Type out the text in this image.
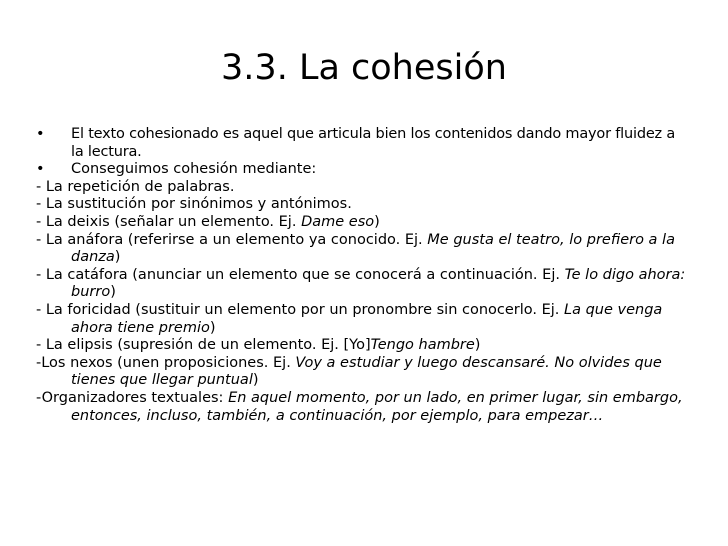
3.3. La cohesión

• El texto cohesionado es aquel que articula bien los contenidos dando mayor fluidez a la lectura.

• Conseguimos cohesión mediante:

- La repetición de palabras.

- La sustitución por sinónimos y antónimos.

- La deixis (señalar un elemento. Ej. Dame eso)

- La anáfora (referirse a un elemento ya conocido. Ej. Me gusta el teatro, lo prefiero a la danza)

- La catáfora (anunciar un elemento que se conocerá a continuación. Ej. Te lo digo ahora: burro)

- La foricidad (sustituir un elemento por un pronombre sin conocerlo. Ej. La que venga ahora tiene premio)

- La elipsis (supresión de un elemento. Ej. [Yo]Tengo hambre)

-Los nexos (unen proposiciones. Ej. Voy a estudiar y luego descansaré. No olvides que tienes que llegar puntual)

-Organizadores textuales: En aquel momento, por un lado, en primer lugar, sin embargo, entonces, incluso, también, a continuación, por ejemplo, para empezar…
